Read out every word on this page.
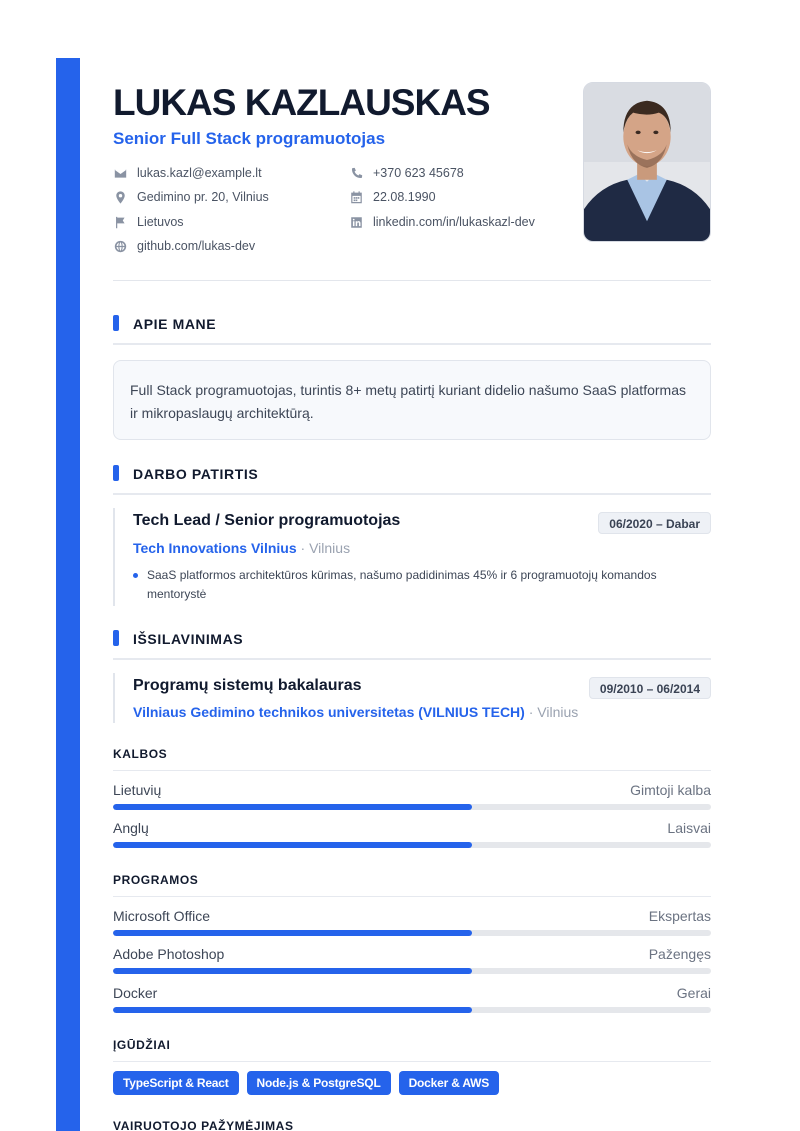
LUKAS KAZLAUSKAS
Senior Full Stack programuotojas
lukas.kazl@example.lt
Gedimino pr. 20, Vilnius
Lietuvos
github.com/lukas-dev
+370 623 45678
22.08.1990
linkedin.com/in/lukaskazl-dev
APIE MANE
Full Stack programuotojas, turintis 8+ metų patirtį kuriant didelio našumo SaaS platformas ir mikropaslaugų architektūrą.
DARBO PATIRTIS
Tech Lead / Senior programuotojas	06/2020 – Dabar
Tech Innovations Vilnius · Vilnius
SaaS platformos architektūros kūrimas, našumo padidinimas 45% ir 6 programuotojų komandos mentorystė
IŠSILAVINIMAS
Programų sistemų bakalauras	09/2010 – 06/2014
Vilniaus Gedimino technikos universitetas (VILNIUS TECH) · Vilnius
KALBOS
Lietuvių	Gimtoji kalba
Anglų	Laisvai
PROGRAMOS
Microsoft Office	Ekspertas
Adobe Photoshop	Pažengęs
Docker	Gerai
ĮGŪDŽIAI
TypeScript & React	Node.js & PostgreSQL	Docker & AWS
VAIRUOTOJO PAŽYMĖJIMAS
